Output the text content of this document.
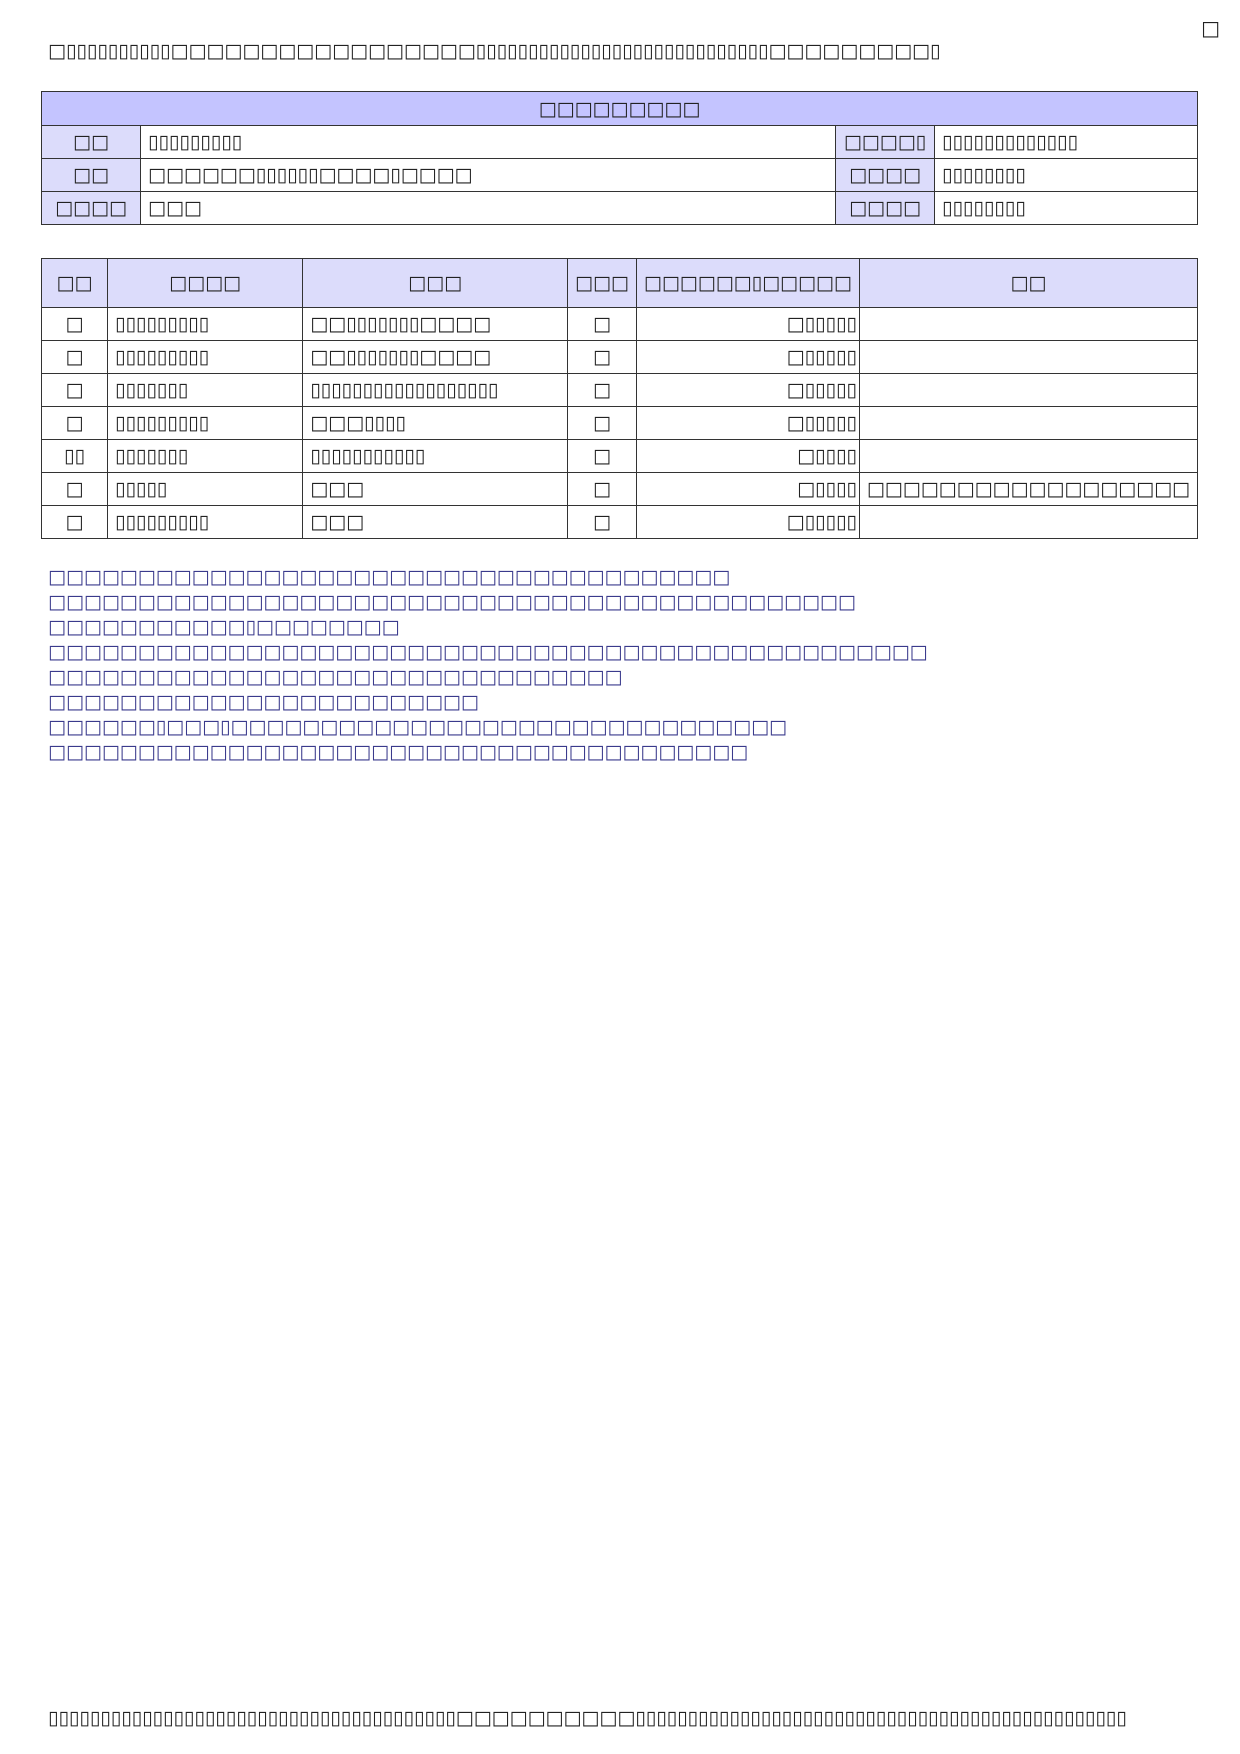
□
□▯▯▯▯▯▯▯▯▯▯□□□□□□□□□□□□□□□□□▯▯▯▯▯▯▯▯▯▯▯▯▯▯▯▯▯▯▯▯▯▯▯▯▯▯▯▯□□□□□□□□□▯
□□□□□□□□□			
□□	▯▯▯▯▯▯▯▯▯	□□□□▯	▯▯▯▯▯▯▯▯▯▯▯▯▯
□□	□□□□□□▯▯▯▯▯▯□□□□▯□□□□	□□□□	▯▯▯▯▯▯▯▯
□□□□	□□□	□□□□	▯▯▯▯▯▯▯▯
□□	□□□□	□□□	□□□	□□□□□□▯□□□□□	□□
□	▯▯▯▯▯▯▯▯▯	□□▯▯▯▯▯▯▯□□□□	□	□▯▯▯▯▯	
□	▯▯▯▯▯▯▯▯▯	□□▯▯▯▯▯▯▯□□□□	□	□▯▯▯▯▯	
□	▯▯▯▯▯▯▯	▯▯▯▯▯▯▯▯▯▯▯▯▯▯▯▯▯▯	□	□▯▯▯▯▯	
□	▯▯▯▯▯▯▯▯▯	□□□▯▯▯▯	□	□▯▯▯▯▯	
▯▯	▯▯▯▯▯▯▯	▯▯▯▯▯▯▯▯▯▯▯	□	□▯▯▯▯	
□	▯▯▯▯▯	□□□	□	□▯▯▯▯	□□□□□□□□□□□□□□□□□□
□	▯▯▯▯▯▯▯▯▯	□□□	□	□▯▯▯▯▯	
□□□□□□□□□□□□□□□□□□□□□□□□□□□□□□□□□□□□□□
□□□□□□□□□□□□□□□□□□□□□□□□□□□□□□□□□□□□□□□□□□□□□
□□□□□□□□□□□▯□□□□□□□□
□□□□□□□□□□□□□□□□□□□□□□□□□□□□□□□□□□□□□□□□□□□□□□□□□
□□□□□□□□□□□□□□□□□□□□□□□□□□□□□□□□
□□□□□□□□□□□□□□□□□□□□□□□□
□□□□□□▯□□□▯□□□□□□□□□□□□□□□□□□□□□□□□□□□□□□□
□□□□□□□□□□□□□□□□□□□□□□□□□□□□□□□□□□□□□□□
▯▯▯▯▯▯▯▯▯▯▯▯▯▯▯▯▯▯▯▯▯▯▯▯▯▯▯▯▯▯▯▯▯▯▯▯▯▯▯□□□□□□□□□□▯▯▯▯▯▯▯▯▯▯▯▯▯▯▯▯▯▯▯▯▯▯▯▯▯▯▯▯▯▯▯▯▯▯▯▯▯▯▯▯▯▯▯▯▯▯▯
